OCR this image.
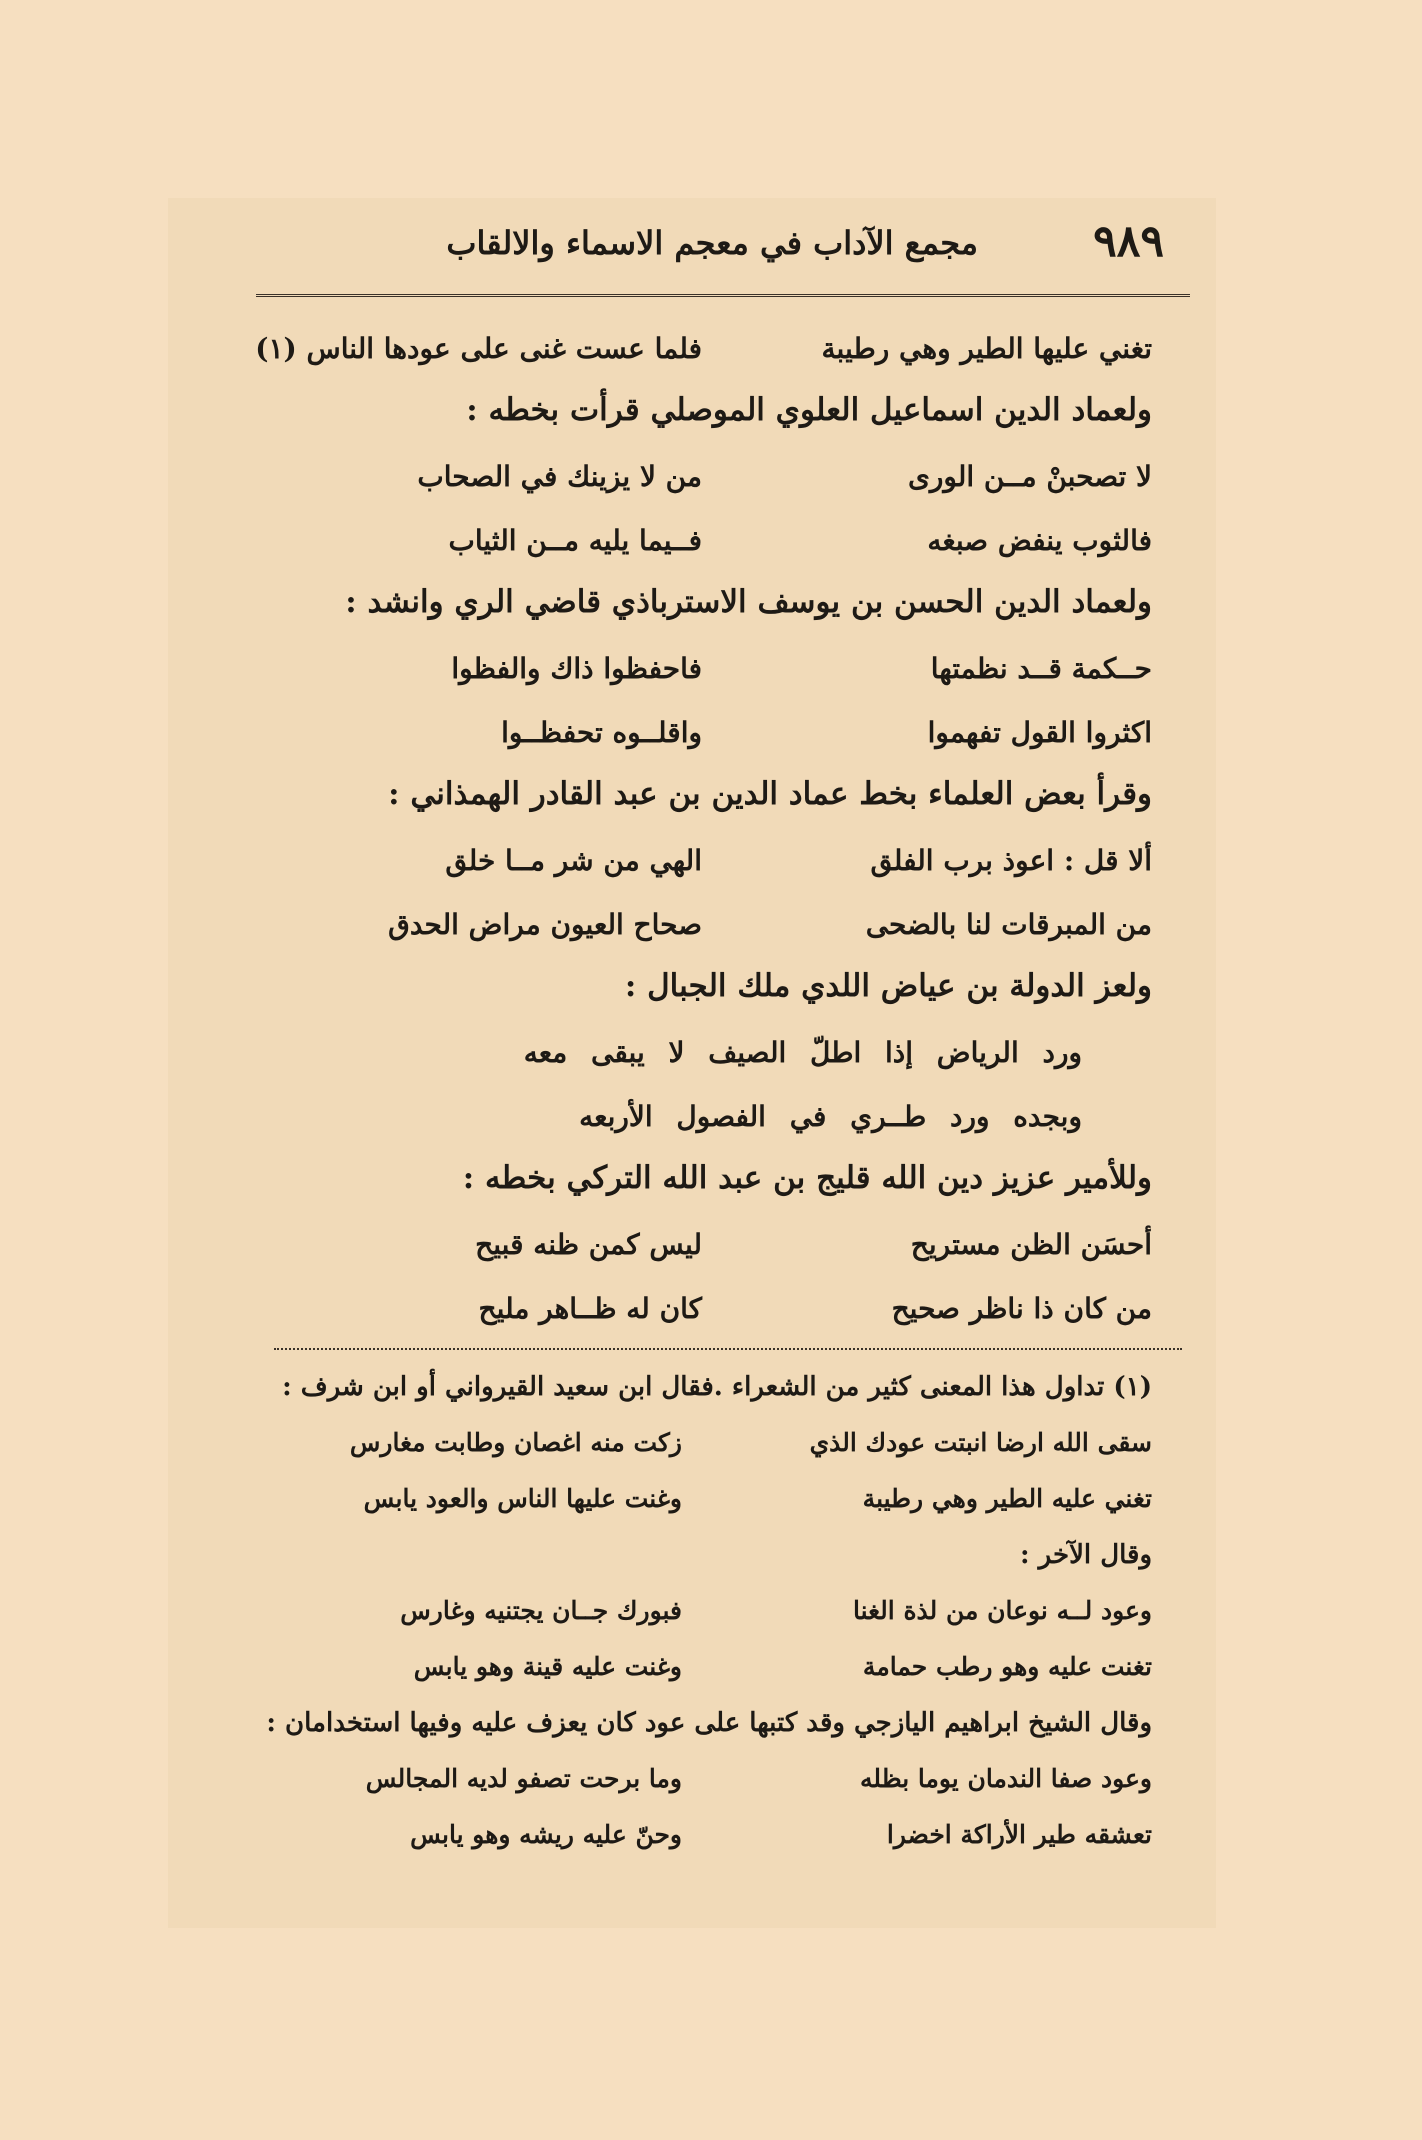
٩٨٩
مجمع الآداب في معجم الاسماء والالقاب
تغني عليها الطير وهي رطيبة
فلما عست غنى على عودها الناس (١)
ولعماد الدين اسماعيل العلوي الموصلي قرأت بخطه :
لا تصحبنْ مــن الورى
من لا يزينك في الصحاب
فالثوب ينفض صبغه
فــيما يليه مــن الثياب
ولعماد الدين الحسن بن يوسف الاسترباذي قاضي الري وانشد :
حــكمة قــد نظمتها
فاحفظوا ذاك والفظوا
اكثروا القول تفهموا
واقلــوه تحفظــوا
وقرأ بعض العلماء بخط عماد الدين بن عبد القادر الهمذاني :
ألا قل : اعوذ برب الفلق
الهي من شر مــا خلق
من المبرقات لنا بالضحى
صحاح العيون مراض الحدق
ولعز الدولة بن عياض اللدي ملك الجبال :
ورد الرياض إذا اطلّ الصيف لا يبقى معه
وبجده ورد طــري في الفصول الأربعه
وللأمير عزيز دين الله قليج بن عبد الله التركي بخطه :
أحسَن الظن مستريح
ليس كمن ظنه قبيح
من كان ذا ناظر صحيح
كان له ظــاهر مليح
(١) تداول هذا المعنى كثير من الشعراء .فقال ابن سعيد القيرواني أو ابن شرف :
سقى الله ارضا انبتت عودك الذي
زكت منه اغصان وطابت مغارس
تغني عليه الطير وهي رطيبة
وغنت عليها الناس والعود يابس
وقال الآخر :
وعود لــه نوعان من لذة الغنا
فبورك جــان يجتنيه وغارس
تغنت عليه وهو رطب حمامة
وغنت عليه قينة وهو يابس
وقال الشيخ ابراهيم اليازجي وقد كتبها على عود كان يعزف عليه وفيها استخدامان :
وعود صفا الندمان يوما بظله
وما برحت تصفو لديه المجالس
تعشقه طير الأراكة اخضرا
وحنّ عليه ريشه وهو يابس
